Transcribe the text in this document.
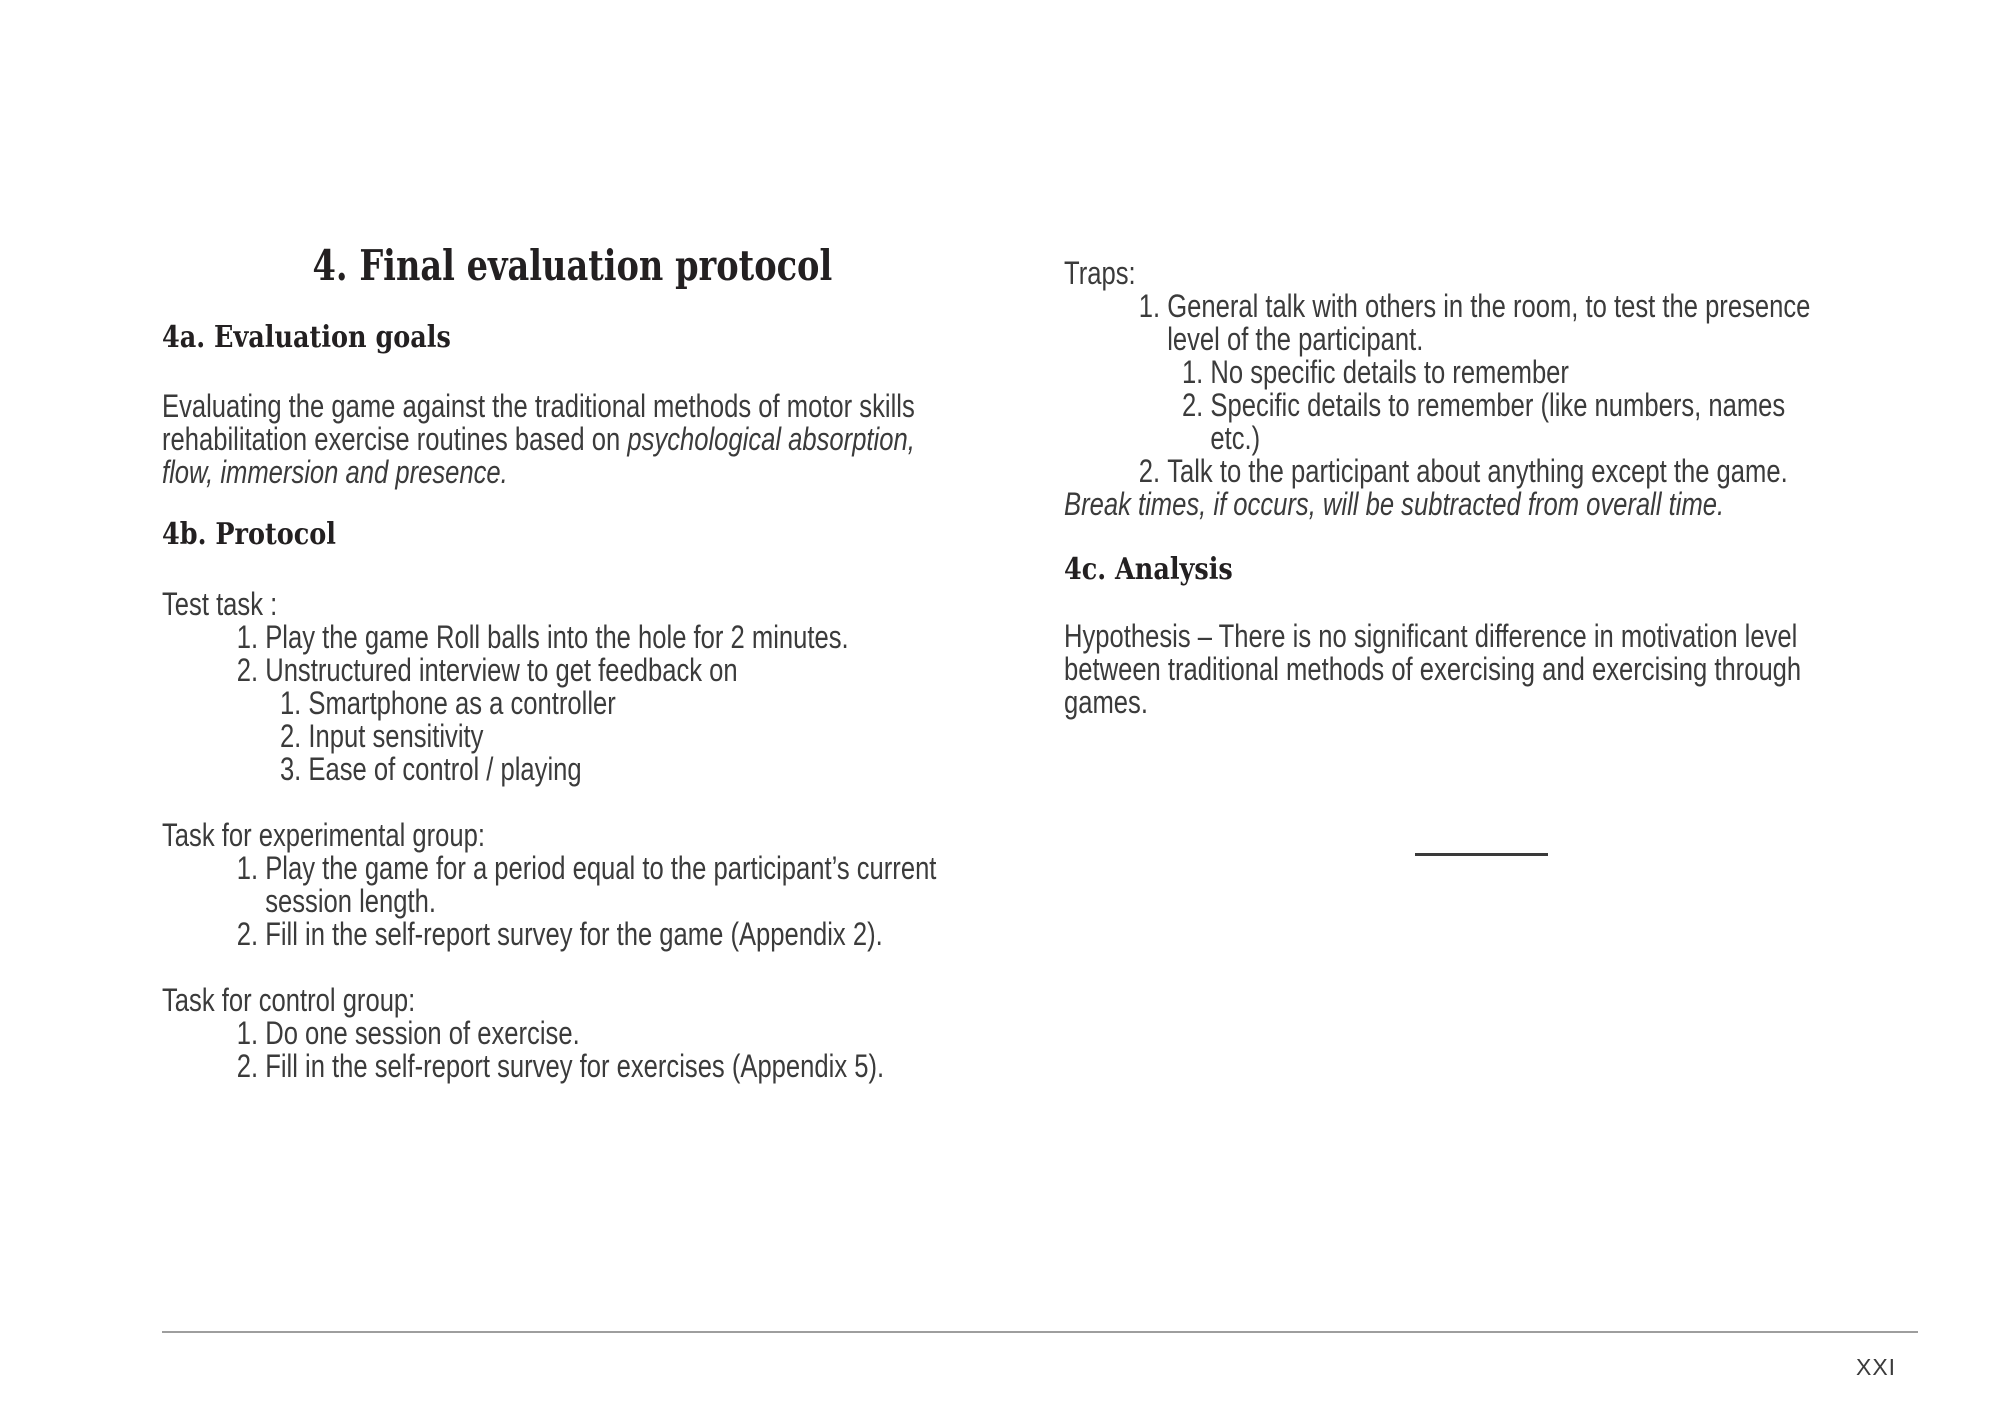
4. Final evaluation protocol
4a. Evaluation goals
Evaluating the game against the traditional methods of motor skills
rehabilitation exercise routines based on psychological absorption,
flow, immersion and presence.
4b. Protocol
Test task :
1. Play the game Roll balls into the hole for 2 minutes.
2. Unstructured interview to get feedback on
1. Smartphone as a controller
2. Input sensitivity
3. Ease of control / playing
Task for experimental group:
1. Play the game for a period equal to the participant’s current session length.
2. Fill in the self-report survey for the game (Appendix 2).
Task for control group:
1. Do one session of exercise.
2. Fill in the self-report survey for exercises (Appendix 5).
Traps:
1. General talk with others in the room, to test the presence level of the participant.
1. No specific details to remember
2. Specific details to remember (like numbers, names etc.)
2. Talk to the participant about anything except the game.
Break times, if occurs, will be subtracted from overall time.
4c. Analysis
Hypothesis – There is no significant difference in motivation level
between traditional methods of exercising and exercising through
games.
XXI
